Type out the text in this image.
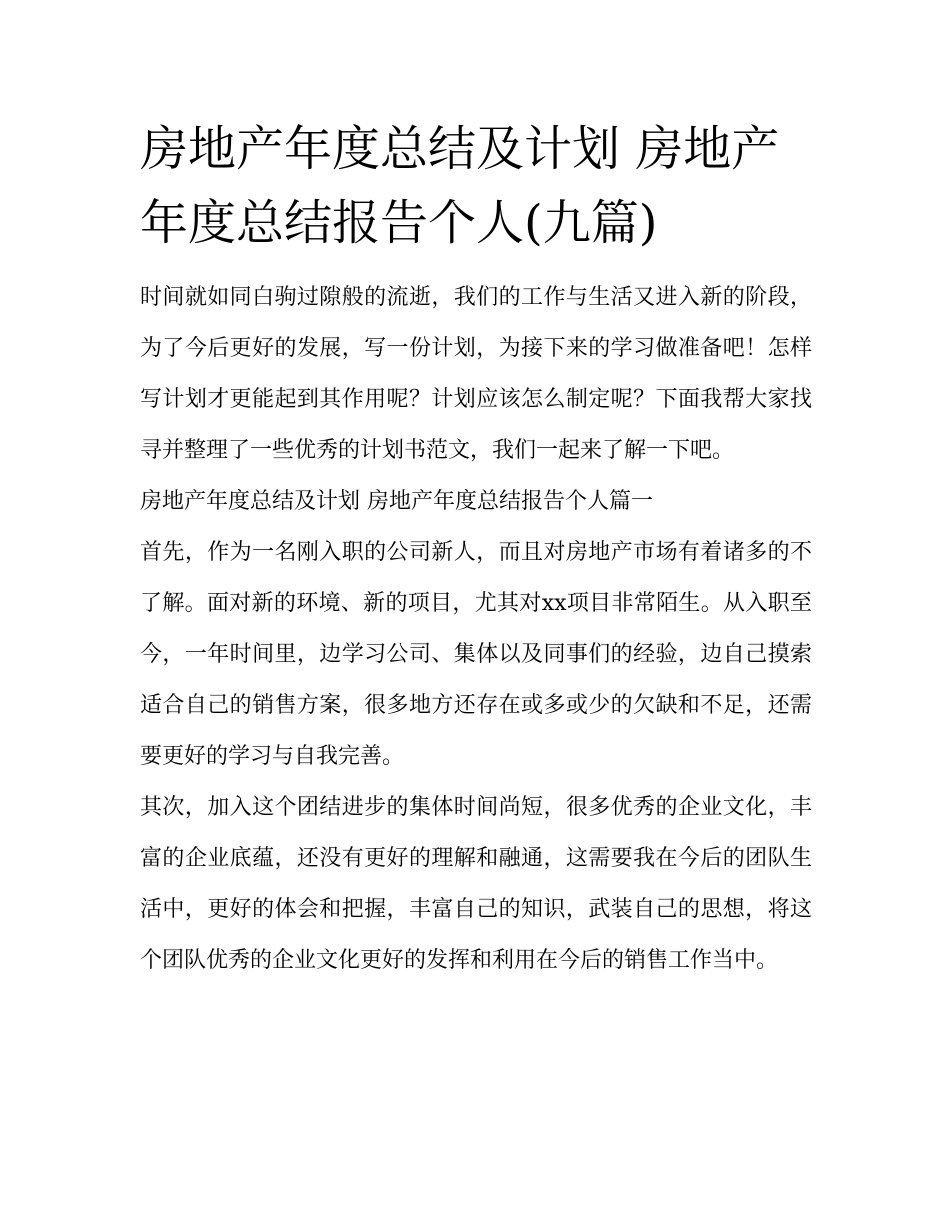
房地产年度总结及计划 房地产年度总结报告个人(九篇)

时间就如同白驹过隙般的流逝，我们的工作与生活又进入新的阶段，为了今后更好的发展，写一份计划，为接下来的学习做准备吧！怎样写计划才更能起到其作用呢？计划应该怎么制定呢？下面我帮大家找寻并整理了一些优秀的计划书范文，我们一起来了解一下吧。

房地产年度总结及计划 房地产年度总结报告个人篇一

首先，作为一名刚入职的公司新人，而且对房地产市场有着诸多的不了解。面对新的环境、新的项目，尤其对xx项目非常陌生。从入职至今，一年时间里，边学习公司、集体以及同事们的经验，边自己摸索适合自己的销售方案，很多地方还存在或多或少的欠缺和不足，还需要更好的学习与自我完善。

其次，加入这个团结进步的集体时间尚短，很多优秀的企业文化，丰富的企业底蕴，还没有更好的理解和融通，这需要我在今后的团队生活中，更好的体会和把握，丰富自己的知识，武装自己的思想，将这个团队优秀的企业文化更好的发挥和利用在今后的销售工作当中。
